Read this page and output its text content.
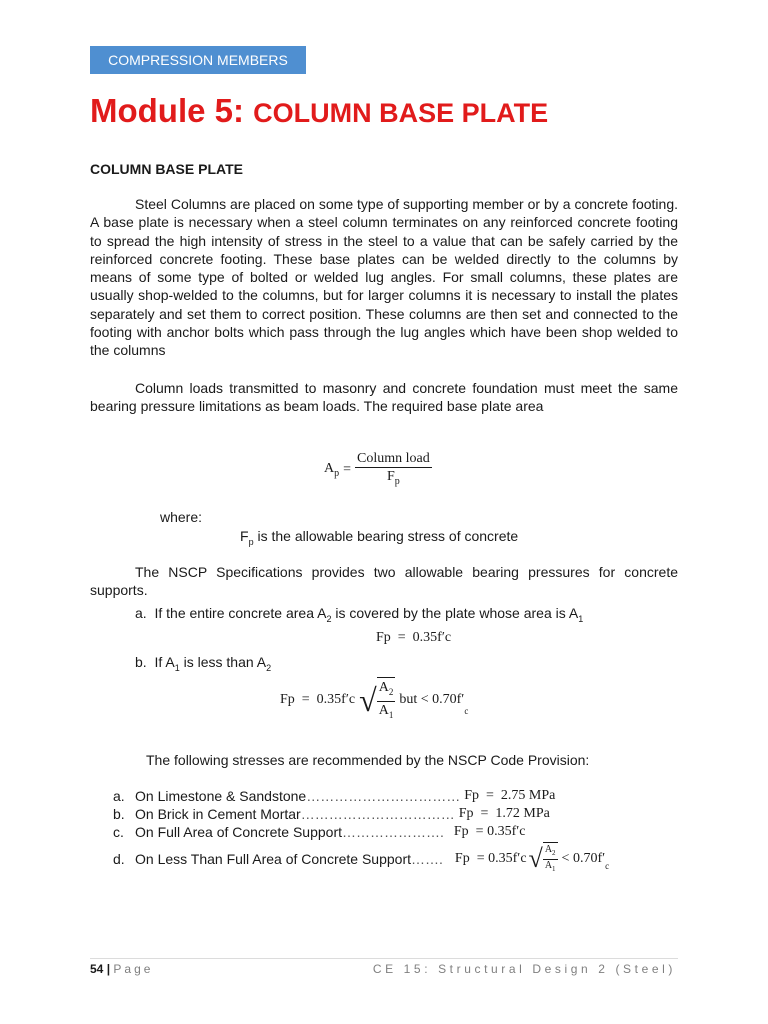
COMPRESSION MEMBERS
Module 5: COLUMN BASE PLATE
COLUMN BASE PLATE

Steel Columns are placed on some type of supporting member or by a concrete footing. A base plate is necessary when a steel column terminates on any reinforced concrete footing to spread the high intensity of stress in the steel to a value that can be safely carried by the reinforced concrete footing. These base plates can be welded directly to the columns by means of some type of bolted or welded lug angles. For small columns, these plates are usually shop-welded to the columns, but for larger columns it is necessary to install the plates separately and set them to correct position. These columns are then set and connected to the footing with anchor bolts which pass through the lug angles which have been shop welded to the columns

Column loads transmitted to masonry and concrete foundation must meet the same bearing pressure limitations as beam loads. The required base plate area

$A_p = \frac{\text{Column load}}{F_p}$
where:
$F_p$ is the allowable bearing stress of concrete

The NSCP Specifications provides two allowable bearing pressures for concrete supports.

a. If the entire concrete area $A_2$ is covered by the plate whose area is $A_1$
Fp  =  0.35f′c
b. If $A_1$ is less than $A_2$
Fp  =  0.35f′c √ $\frac{A_2}{A_1}$ but < 0.70f′
$_c$
The following stresses are recommended by the NSCP Code Provision:
a. On Limestone & Sandstone …………………………… Fp  =  2.75 MPa
b. On Brick in Cement Mortar …………………………… Fp  =  1.72 MPa
c. On Full Area of Concrete Support …………………. Fp  = 0.35f′c
d. On Less Than Full Area of Concrete Support ……. Fp  = 0.35f′c √ $\frac{A_2}{A_1} < 0.70f'$
$_c$
54 | Page	CE 15: Structural Design 2 (Steel)
